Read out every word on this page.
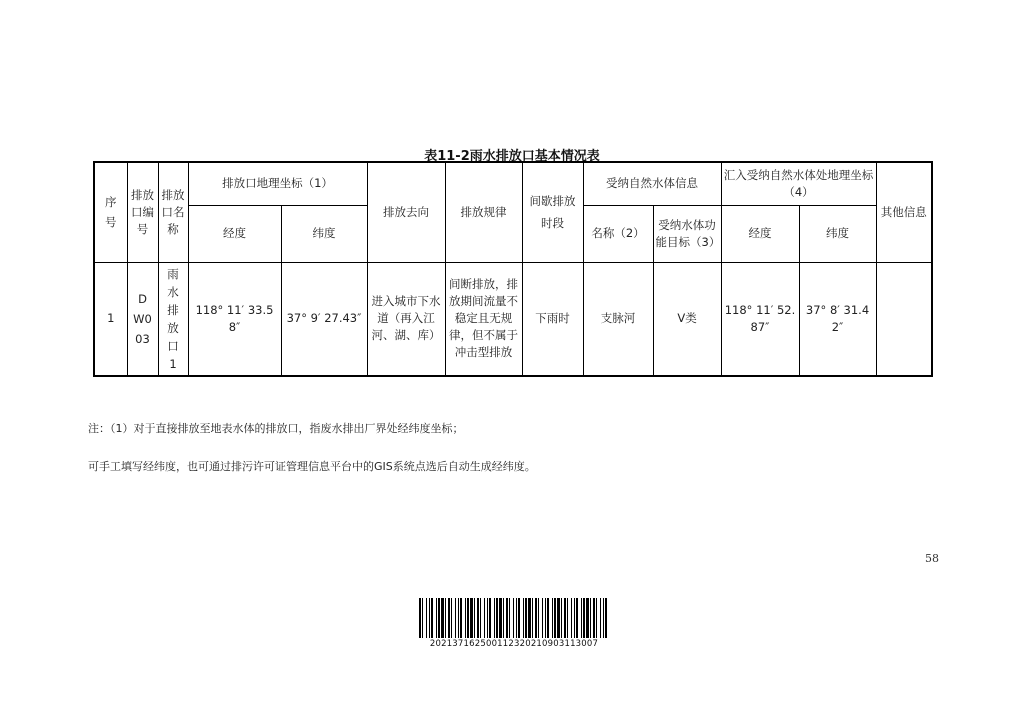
表11-2雨水排放口基本情况表
序号	排放口编号	排放口名称	排放口地理坐标（1）		排放去向	排放规律	间歇排放时段	受纳自然水体信息		汇入受纳自然水体处地理坐标（4）		其他信息
			经度	纬度				名称（2）	受纳水体功能目标（3）	经度	纬度	
1	DW003	雨水排放口1	118° 11′ 33.58″	37° 9′ 27.43″	进入城市下水道（再入江河、湖、库）	间断排放，排放期间流量不稳定且无规律，但不属于冲击型排放	下雨时	支脉河	V类	118° 11′ 52.87″	37° 8′ 31.42″	
注：（1）对于直接排放至地表水体的排放口，指废水排出厂界处经纬度坐标；
可手工填写经纬度，也可通过排污许可证管理信息平台中的GIS系统点选后自动生成经纬度。
58
20213716250011232021090311300​7
